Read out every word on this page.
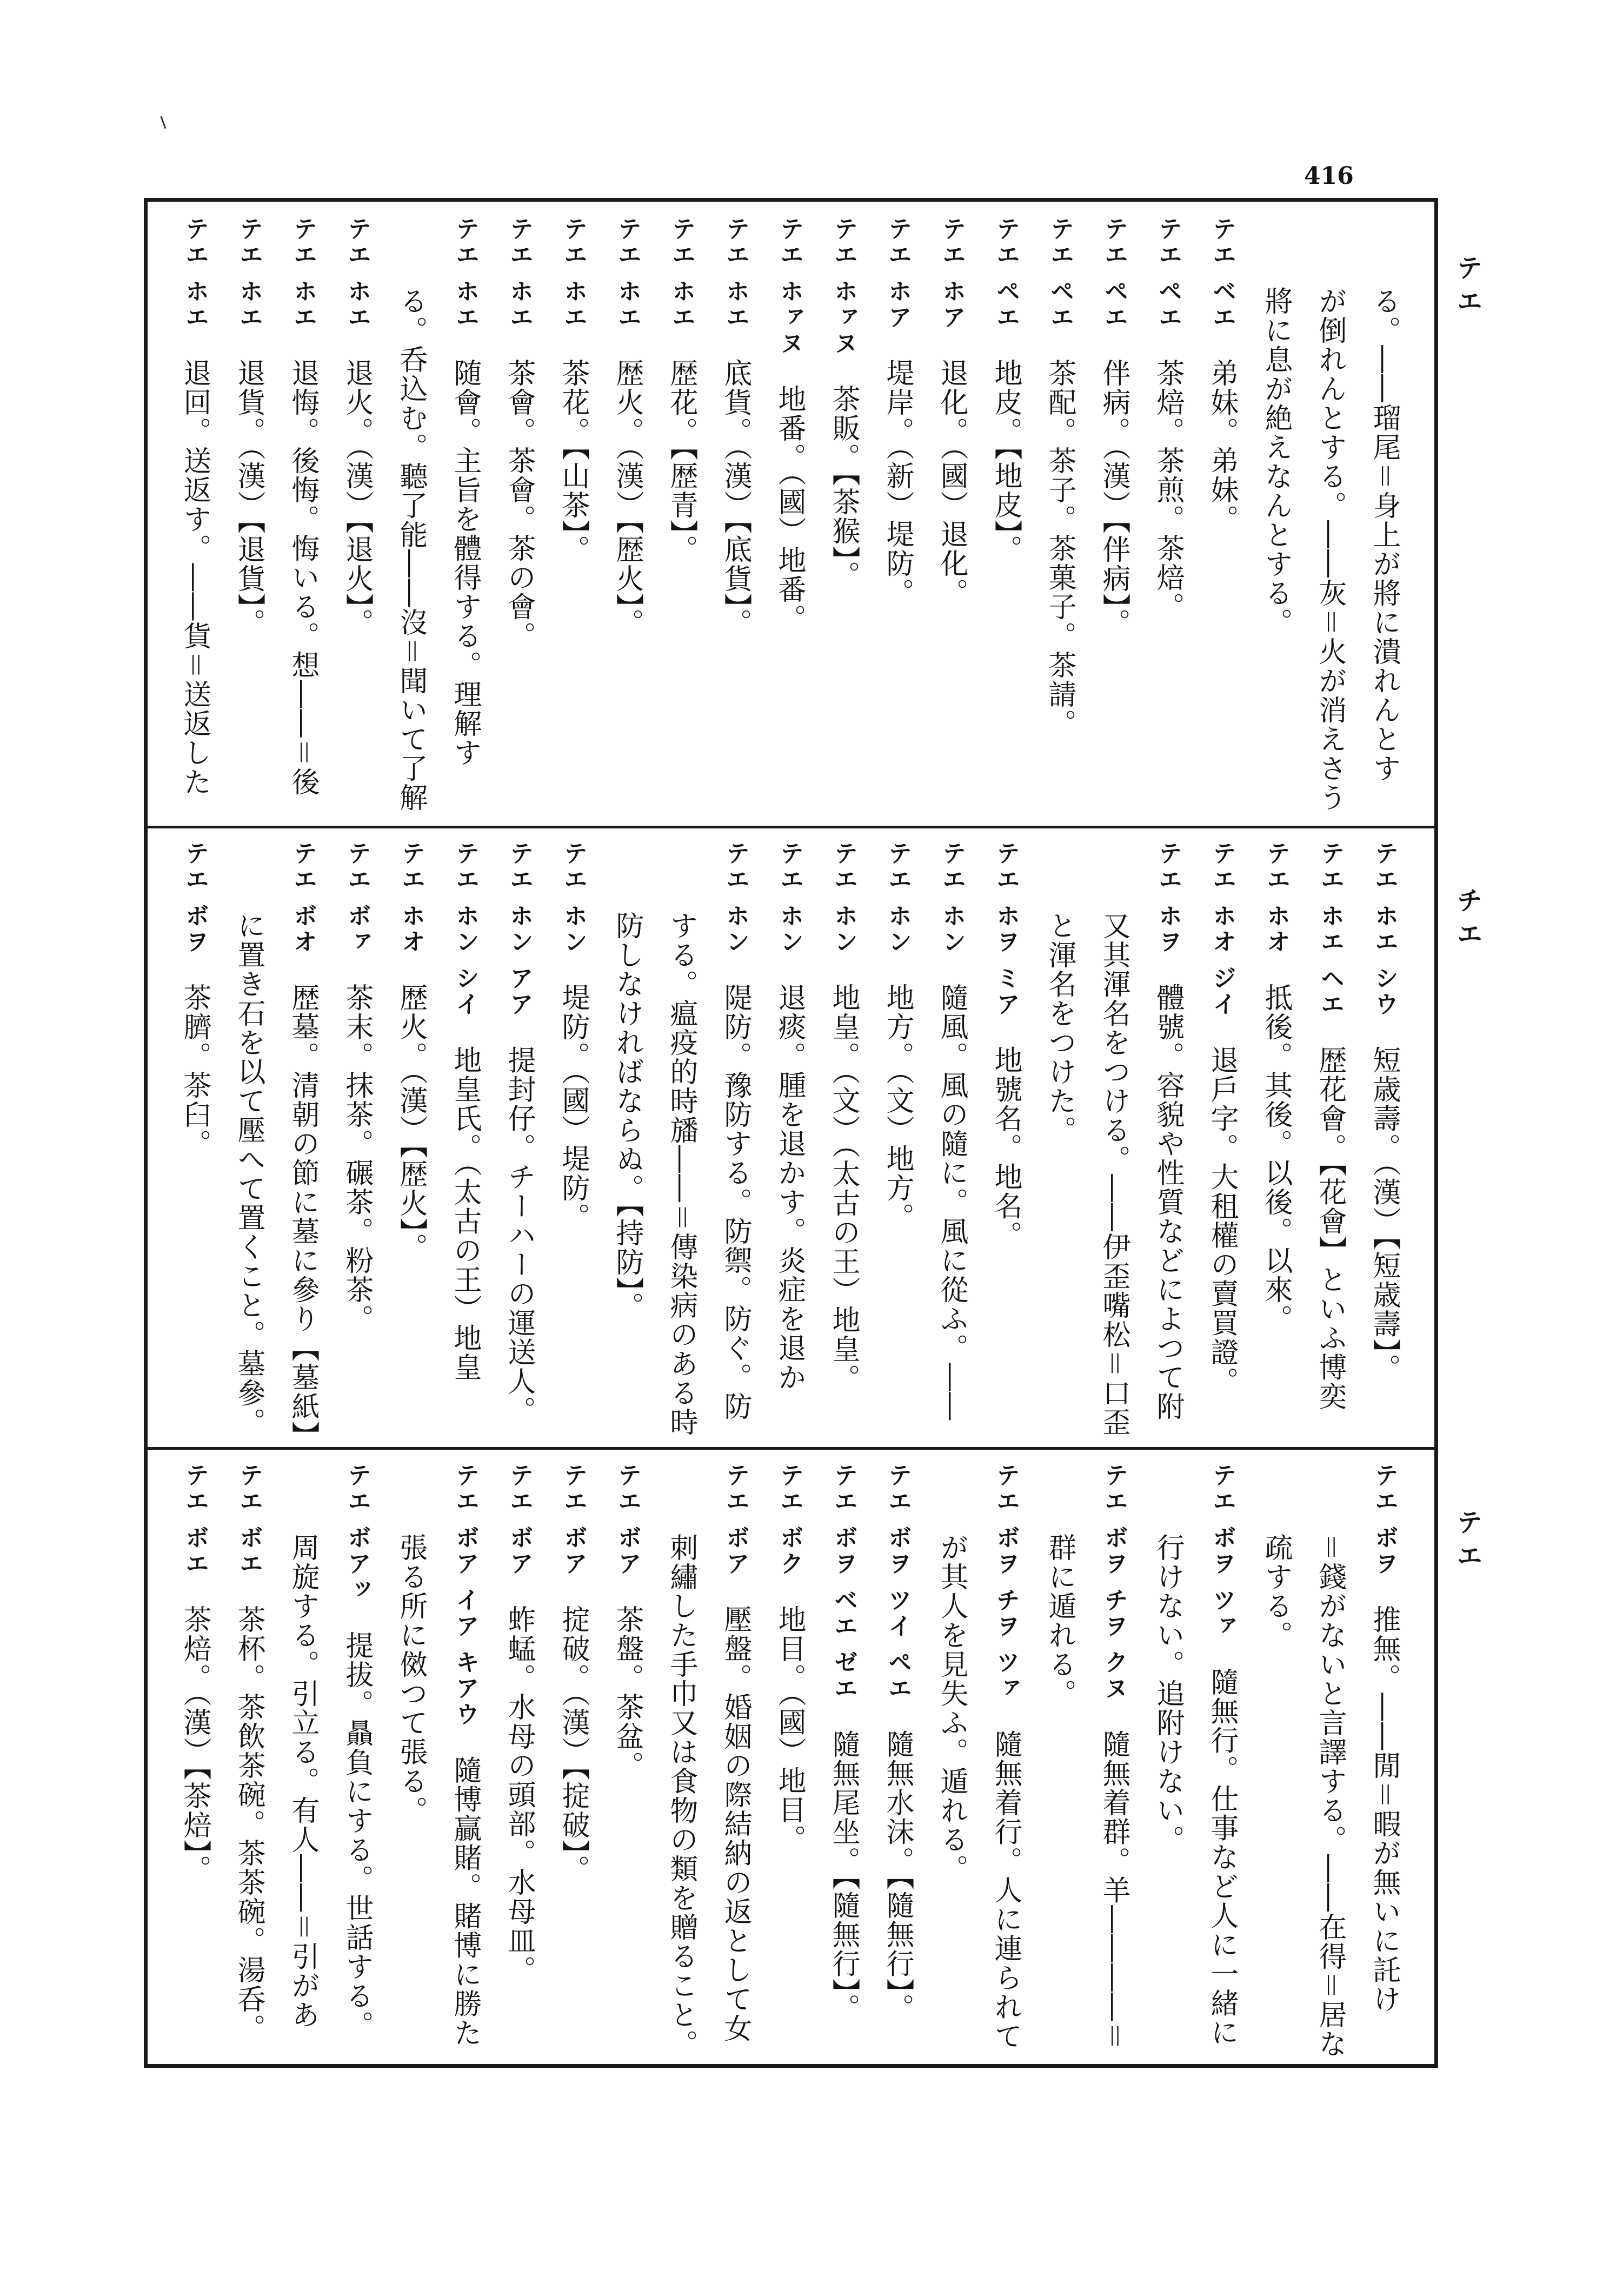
416
テエ
チエ
テエ
る。――瑠尾＝身上が將に潰れんとす
が倒れんとする。――灰＝火が消えさう
將に息が絶えなんとする。
テエ ベエ　弟妹。弟妹。
テエ ペエ　茶焙。茶煎。茶焙。
テエ ペエ　伴病。（漢）【伴病】。
テエ ペエ　茶配。茶子。茶菓子。茶請。
テエ ペエ　地皮。【地皮】。
テエ ホア　退化。（國）退化。
テエ ホア　堤岸。（新）堤防。
テエ ホァヌ　茶販。【茶猴】。
テエ ホァヌ　地番。（國）地番。
テエ ホエ　底貨。（漢）【底貨】。
テエ ホエ　歴花。【歴青】。
テエ ホエ　歴火。（漢）【歴火】。
テエ ホエ　茶花。【山茶】。
テエ ホエ　茶會。茶會。茶の會。
テエ ホエ　随會。主旨を體得する。理解す
る。呑込む。聽了能――沒＝聞いて了解
テエ ホエ　退火。（漢）【退火】。
テエ ホエ　退悔。後悔。悔いる。想――＝後
テエ ホエ　退貨。（漢）【退貨】。
テエ ホエ　退回。送返す。――貨＝送返した
テエ ホエ シウ　短歳壽。（漢）【短歳壽】。
テエ ホエ ヘエ　歴花會。【花會】といふ博奕
テエ ホオ　抵後。其後。以後。以來。
テエ ホオ ジイ　退戶字。大租權の賣買證。
テエ ホヲ　體號。容貌や性質などによつて附
又其渾名をつける。――伊歪嘴松＝口歪
と渾名をつけた。
テエ ホヲ ミア　地號名。地名。
テエ ホン　隨風。風の隨に。風に從ふ。――
テエ ホン　地方。（文）地方。
テエ ホン　地皇。（文）（太古の王）地皇。
テエ ホン　退痰。腫を退かす。炎症を退か
テエ ホン　隄防。豫防する。防禦。防ぐ。防
する。瘟疫的時旙――＝傳染病のある時
防しなければならぬ。【持防】。
テエ ホン　堤防。（國）堤防。
テエ ホン アア　提封仔。チーハーの運送人。
テエ ホン シイ　地皇氏。（太古の王）地皇
テエ ホオ　歴火。（漢）【歴火】。
テエ ボァ　茶末。抹茶。碾茶。粉茶。
テエ ボオ　歴墓。清朝の節に墓に參り【墓紙】
に置き石を以て壓へて置くこと。墓參。
テエ ボヲ　茶臍。茶臼。
テエ ボヲ　推無。――閒＝暇が無いに託け
＝錢がないと言譯する。――在得＝居な
疏する。
テエ ボヲ ツァ　隨無行。仕事など人に一緒に
行けない。追附けない。
テエ ボヲ チヲ クヌ　隨無着群。羊――――＝
群に遁れる。
テエ ボヲ チヲ ツァ　隨無着行。人に連られて
が其人を見失ふ。遁れる。
テエ ボヲ ツイ ペエ　隨無水沫。【隨無行】。
テエ ボヲ ベエ ゼエ　隨無尾坐。【隨無行】。
テエ ボク　地目。（國）地目。
テエ ボア　壓盤。婚姻の際結納の返として女
刺繡した手巾又は食物の類を贈ること。
テエ ボア　茶盤。茶盆。
テエ ボア　掟破。（漢）【掟破】。
テエ ボア　蚱蜢。水母の頭部。水母皿。
テエ ボア イア キアウ　隨博贏賭。賭博に勝た
張る所に傚つて張る。
テエ ボアッ　提拔。贔負にする。世話する。
周旋する。引立る。有人――＝引があ
テエ ボエ　茶杯。茶飲茶碗。茶茶碗。湯呑。
テエ ボエ　茶焙。（漢）【茶焙】。
